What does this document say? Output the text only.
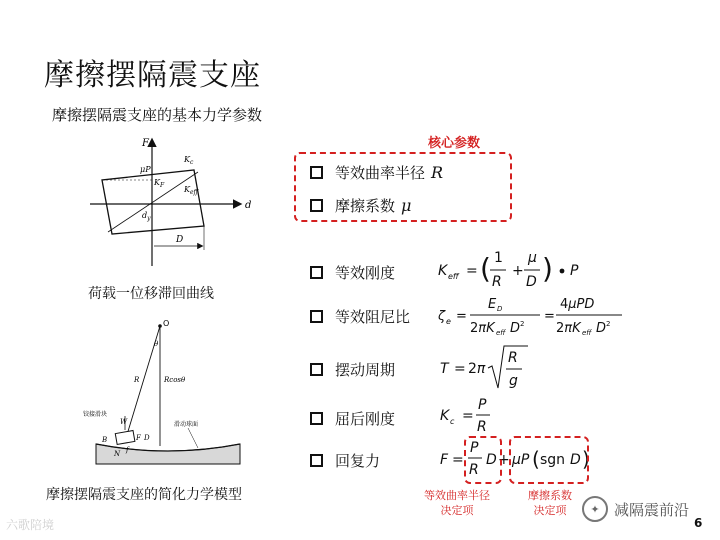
摩擦摆隔震支座
摩擦摆隔震支座的基本力学参数
F
d
μP
$K_c$
$K_F$ $K_{eff}$
$d_y$
D
荷载一位移滞回曲线
O
θ
R	Rcosθ
铰接滑块
滑动球面
W
F D
N f
B
摩擦摆隔震支座的简化力学模型
核心参数
等效曲率半径 R
摩擦系数 μ
等效刚度
等效阻尼比
摆动周期
屈后刚度
回复力
K eff = ( 1
R
+
μ
D ) P
ζ e =
E D
2πK eff D 2 =
4μPD
2πK eff D 2
T = 2π
R
g
K c =
P
R
F =
P
R
D + μP ( sgn D )
等效曲率半径
决定项
摩擦系数
决定项
六歌陪境
✦ 减隔震前沿
6
